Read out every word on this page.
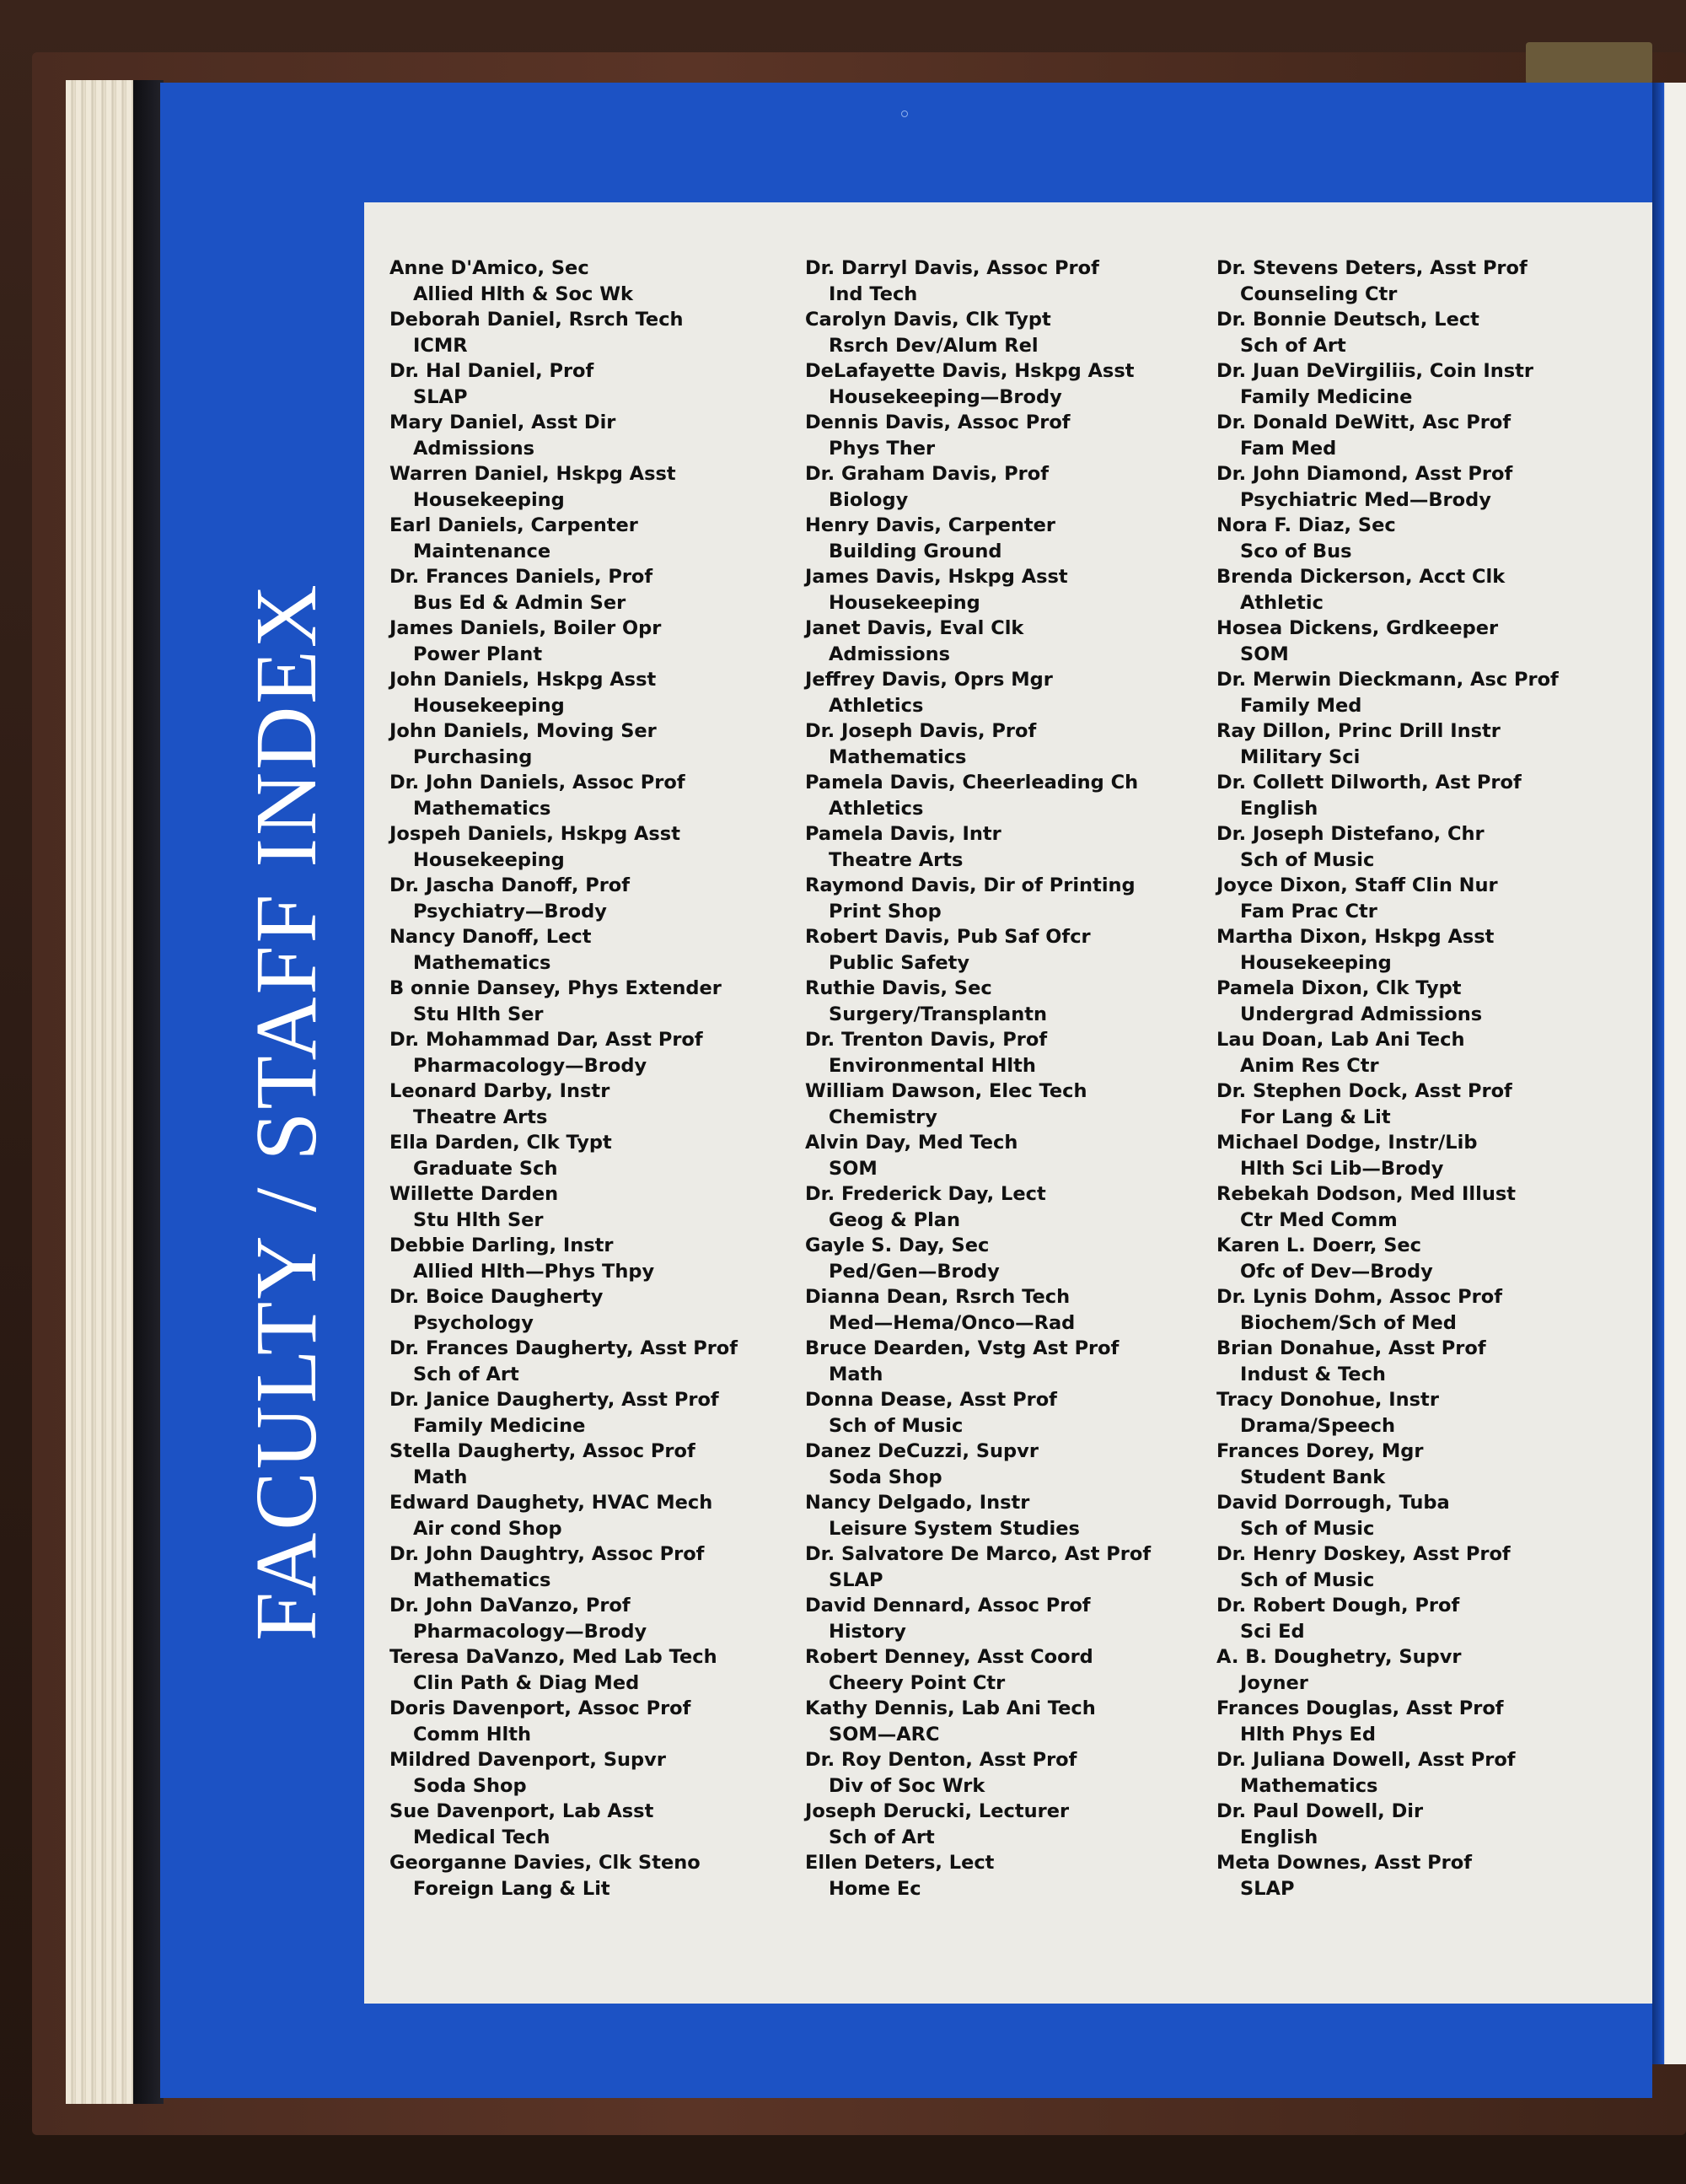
FACULTY / STAFF INDEX
Anne D'Amico, Sec
Allied Hlth & Soc Wk
Deborah Daniel, Rsrch Tech
ICMR
Dr. Hal Daniel, Prof
SLAP
Mary Daniel, Asst Dir
Admissions
Warren Daniel, Hskpg Asst
Housekeeping
Earl Daniels, Carpenter
Maintenance
Dr. Frances Daniels, Prof
Bus Ed & Admin Ser
James Daniels, Boiler Opr
Power Plant
John Daniels, Hskpg Asst
Housekeeping
John Daniels, Moving Ser
Purchasing
Dr. John Daniels, Assoc Prof
Mathematics
Jospeh Daniels, Hskpg Asst
Housekeeping
Dr. Jascha Danoff, Prof
Psychiatry—Brody
Nancy Danoff, Lect
Mathematics
B onnie Dansey, Phys Extender
Stu Hlth Ser
Dr. Mohammad Dar, Asst Prof
Pharmacology—Brody
Leonard Darby, Instr
Theatre Arts
Ella Darden, Clk Typt
Graduate Sch
Willette Darden
Stu Hlth Ser
Debbie Darling, Instr
Allied Hlth—Phys Thpy
Dr. Boice Daugherty
Psychology
Dr. Frances Daugherty, Asst Prof
Sch of Art
Dr. Janice Daugherty, Asst Prof
Family Medicine
Stella Daugherty, Assoc Prof
Math
Edward Daughety, HVAC Mech
Air cond Shop
Dr. John Daughtry, Assoc Prof
Mathematics
Dr. John DaVanzo, Prof
Pharmacology—Brody
Teresa DaVanzo, Med Lab Tech
Clin Path & Diag Med
Doris Davenport, Assoc Prof
Comm Hlth
Mildred Davenport, Supvr
Soda Shop
Sue Davenport, Lab Asst
Medical Tech
Georganne Davies, Clk Steno
Foreign Lang & Lit
Dr. Darryl Davis, Assoc Prof
Ind Tech
Carolyn Davis, Clk Typt
Rsrch Dev/Alum Rel
DeLafayette Davis, Hskpg Asst
Housekeeping—Brody
Dennis Davis, Assoc Prof
Phys Ther
Dr. Graham Davis, Prof
Biology
Henry Davis, Carpenter
Building Ground
James Davis, Hskpg Asst
Housekeeping
Janet Davis, Eval Clk
Admissions
Jeffrey Davis, Oprs Mgr
Athletics
Dr. Joseph Davis, Prof
Mathematics
Pamela Davis, Cheerleading Ch
Athletics
Pamela Davis, Intr
Theatre Arts
Raymond Davis, Dir of Printing
Print Shop
Robert Davis, Pub Saf Ofcr
Public Safety
Ruthie Davis, Sec
Surgery/Transplantn
Dr. Trenton Davis, Prof
Environmental Hlth
William Dawson, Elec Tech
Chemistry
Alvin Day, Med Tech
SOM
Dr. Frederick Day, Lect
Geog & Plan
Gayle S. Day, Sec
Ped/Gen—Brody
Dianna Dean, Rsrch Tech
Med—Hema/Onco—Rad
Bruce Dearden, Vstg Ast Prof
Math
Donna Dease, Asst Prof
Sch of Music
Danez DeCuzzi, Supvr
Soda Shop
Nancy Delgado, Instr
Leisure System Studies
Dr. Salvatore De Marco, Ast Prof
SLAP
David Dennard, Assoc Prof
History
Robert Denney, Asst Coord
Cheery Point Ctr
Kathy Dennis, Lab Ani Tech
SOM—ARC
Dr. Roy Denton, Asst Prof
Div of Soc Wrk
Joseph Derucki, Lecturer
Sch of Art
Ellen Deters, Lect
Home Ec
Dr. Stevens Deters, Asst Prof
Counseling Ctr
Dr. Bonnie Deutsch, Lect
Sch of Art
Dr. Juan DeVirgiliis, Coin Instr
Family Medicine
Dr. Donald DeWitt, Asc Prof
Fam Med
Dr. John Diamond, Asst Prof
Psychiatric Med—Brody
Nora F. Diaz, Sec
Sco of Bus
Brenda Dickerson, Acct Clk
Athletic
Hosea Dickens, Grdkeeper
SOM
Dr. Merwin Dieckmann, Asc Prof
Family Med
Ray Dillon, Princ Drill Instr
Military Sci
Dr. Collett Dilworth, Ast Prof
English
Dr. Joseph Distefano, Chr
Sch of Music
Joyce Dixon, Staff Clin Nur
Fam Prac Ctr
Martha Dixon, Hskpg Asst
Housekeeping
Pamela Dixon, Clk Typt
Undergrad Admissions
Lau Doan, Lab Ani Tech
Anim Res Ctr
Dr. Stephen Dock, Asst Prof
For Lang & Lit
Michael Dodge, Instr/Lib
Hlth Sci Lib—Brody
Rebekah Dodson, Med Illust
Ctr Med Comm
Karen L. Doerr, Sec
Ofc of Dev—Brody
Dr. Lynis Dohm, Assoc Prof
Biochem/Sch of Med
Brian Donahue, Asst Prof
Indust & Tech
Tracy Donohue, Instr
Drama/Speech
Frances Dorey, Mgr
Student Bank
David Dorrough, Tuba
Sch of Music
Dr. Henry Doskey, Asst Prof
Sch of Music
Dr. Robert Dough, Prof
Sci Ed
A. B. Doughetry, Supvr
Joyner
Frances Douglas, Asst Prof
Hlth Phys Ed
Dr. Juliana Dowell, Asst Prof
Mathematics
Dr. Paul Dowell, Dir
English
Meta Downes, Asst Prof
SLAP
